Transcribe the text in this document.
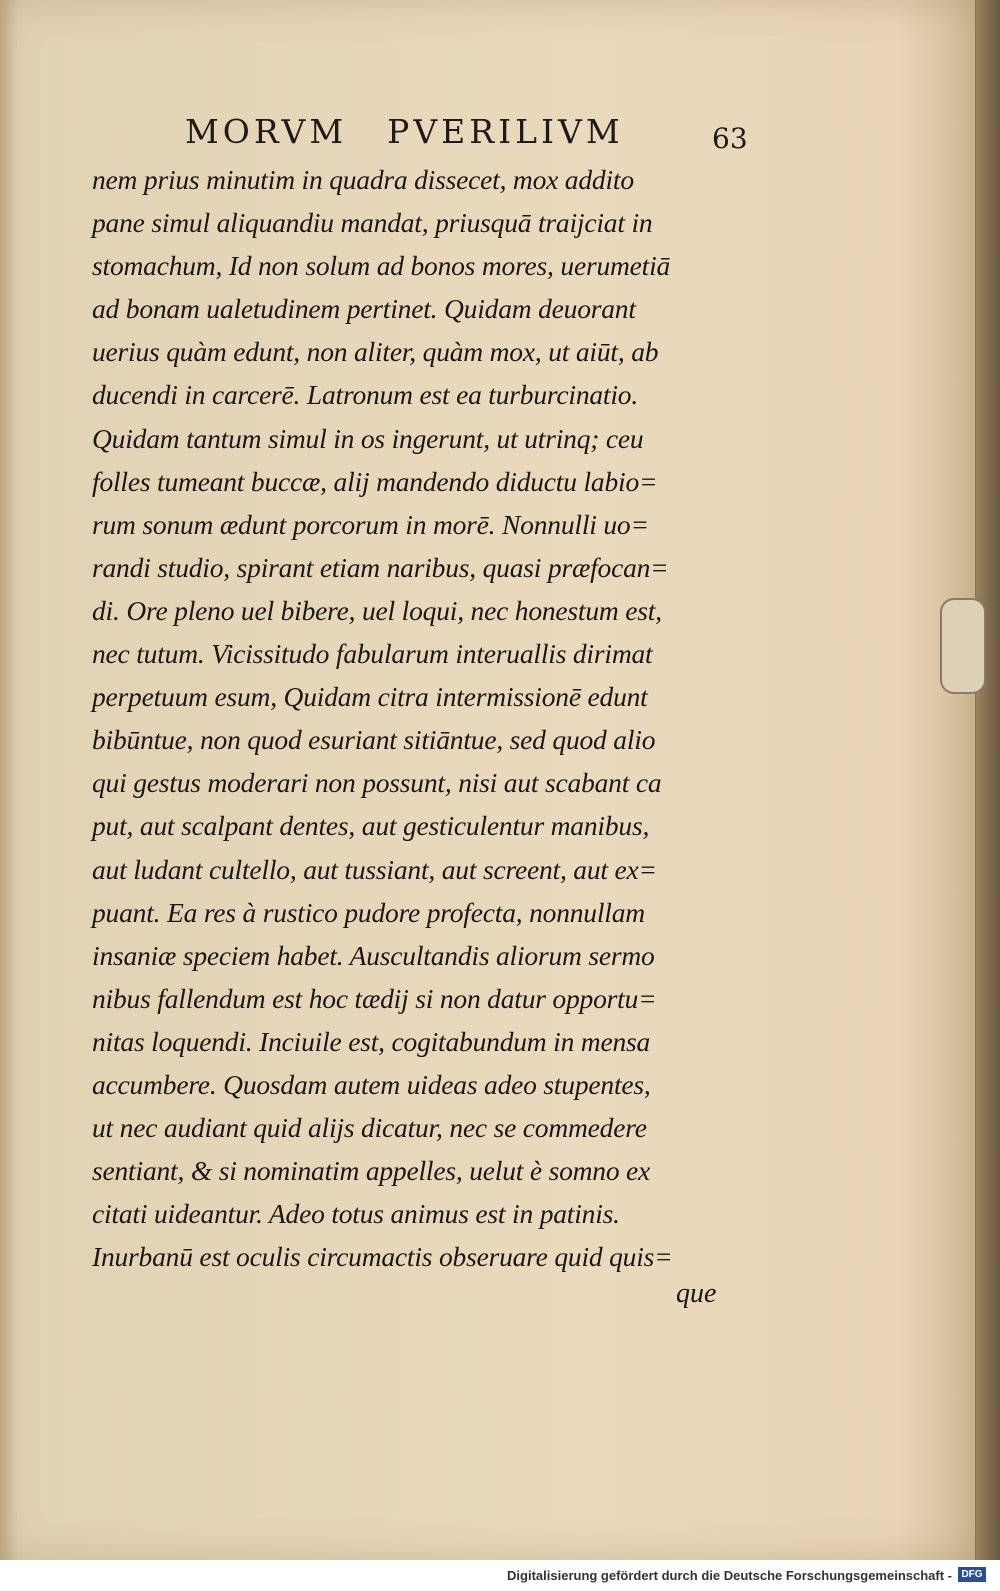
MORVM PVERILIVM	63
nem prius minutim in quadra dissecet, mox addito
pane simul aliquandiu mandat, priusquā traijciat in
stomachum, Id non solum ad bonos mores, uerumetiā
ad bonam ualetudinem pertinet. Quidam deuorant
uerius quàm edunt, non aliter, quàm mox, ut aiūt, ab
ducendi in carcerē. Latronum est ea turburcinatio.
Quidam tantum simul in os ingerunt, ut utrinq; ceu
folles tumeant buccæ, alij mandendo diductu labio=
rum sonum ædunt porcorum in morē. Nonnulli uo=
randi studio, spirant etiam naribus, quasi præfocan=
di. Ore pleno uel bibere, uel loqui, nec honestum est,
nec tutum. Vicissitudo fabularum interuallis dirimat
perpetuum esum, Quidam citra intermissionē edunt
bibūntue, non quod esuriant sitiāntue, sed quod alio
qui gestus moderari non possunt, nisi aut scabant ca
put, aut scalpant dentes, aut gesticulentur manibus,
aut ludant cultello, aut tussiant, aut screent, aut ex=
puant. Ea res à rustico pudore profecta, nonnullam
insaniæ speciem habet. Auscultandis aliorum sermo
nibus fallendum est hoc tædij si non datur opportu=
nitas loquendi. Inciuile est, cogitabundum in mensa
accumbere. Quosdam autem uideas adeo stupentes,
ut nec audiant quid alijs dicatur, nec se commedere
sentiant, & si nominatim appelles, uelut è somno ex
citati uideantur. Adeo totus animus est in patinis.
Inurbanū est oculis circumactis obseruare quid quis=
que
Digitalisierung gefördert durch die Deutsche Forschungsgemeinschaft - DFG
